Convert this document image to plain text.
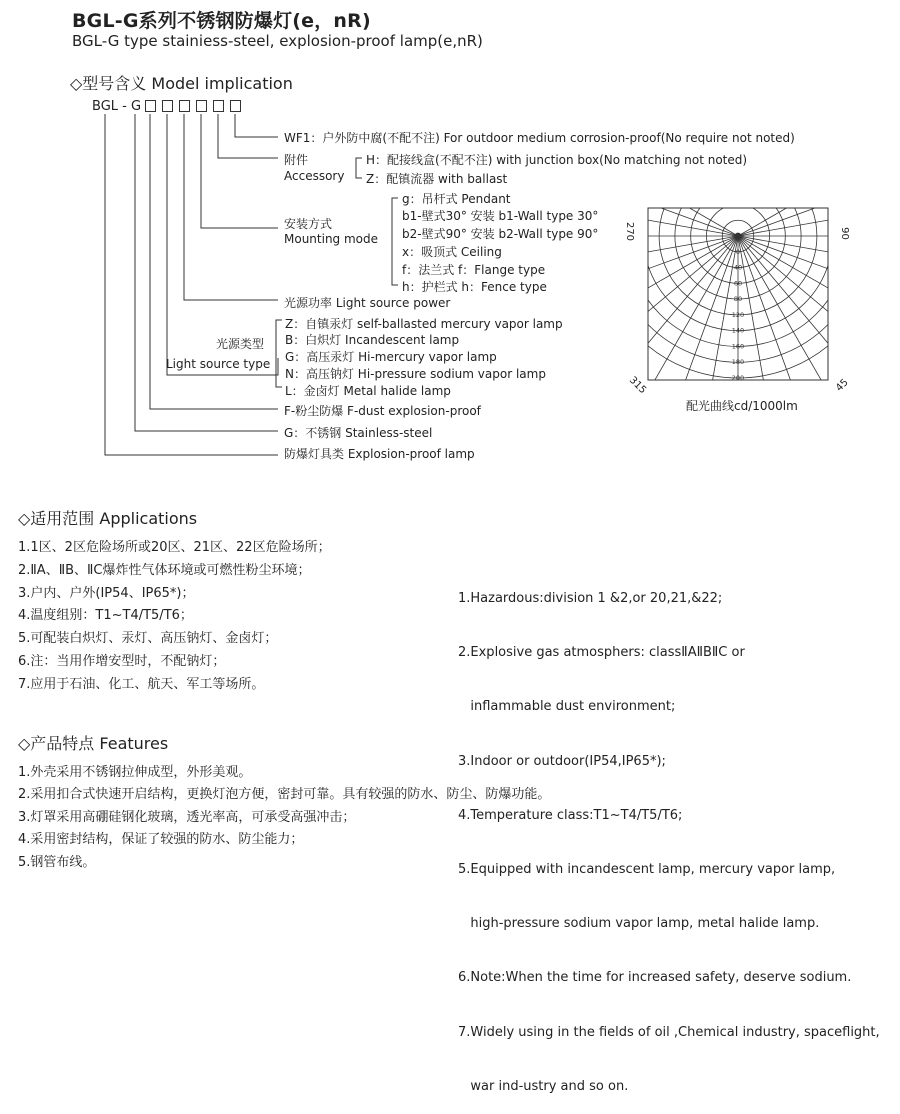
BGL-G系列不锈钢防爆灯(e，nR)
BGL-G type stainiess-steel, explosion-proof lamp(e,nR)
◇型号含义 Model implication
BGL - G
WF1：户外防中腐(不配不注) For outdoor medium corrosion-proof(No require not noted)
附件
Accessory
H：配接线盒(不配不注) with junction box(No matching not noted)
Z：配镇流器 with ballast
安装方式
Mounting mode
g：吊杆式 Pendant
b1-壁式30° 安装 b1-Wall type 30°
b2-壁式90° 安装 b2-Wall type 90°
x：吸顶式 Ceiling
f：法兰式 f：Flange type
h：护栏式 h：Fence type
光源功率 Light source power
光源类型
Light source type
Z：自镇汞灯 self-ballasted mercury vapor lamp
B：白炽灯 Incandescent lamp
G：高压汞灯 Hi-mercury vapor lamp
N：高压钠灯 Hi-pressure sodium vapor lamp
L：金卤灯 Metal halide lamp
F-粉尘防爆 F-dust explosion-proof
G：不锈钢 Stainless-steel
防爆灯具类 Explosion-proof lamp
0
40
60
80
120
140
160
180
200
270	90
315	45
配光曲线cd/1000lm
◇适用范围 Applications
1.1区、2区危险场所或20区、21区、22区危险场所；
2.ⅡA、ⅡB、ⅡC爆炸性气体环境或可燃性粉尘环境；
3.户内、户外(IP54、IP65*)；
4.温度组别：T1~T4/T5/T6；
5.可配装白炽灯、汞灯、高压钠灯、金卤灯；
6.注：当用作增安型时，不配钠灯；
7.应用于石油、化工、航天、军工等场所。

1.Hazardous:division 1 &2,or 20,21,&22;

2.Explosive gas atmosphers: classⅡAⅡBⅡC or

inflammable dust environment;

3.Indoor or outdoor(IP54,IP65*);

4.Temperature class:T1~T4/T5/T6;

5.Equipped with incandescent lamp, mercury vapor lamp,

high-pressure sodium vapor lamp, metal halide lamp.

6.Note:When the time for increased safety, deserve sodium.

7.Widely using in the fields of oil ,Chemical industry, spaceflight,

war ind-ustry and so on.

◇产品特点 Features
1.外壳采用不锈钢拉伸成型，外形美观。
2.采用扣合式快速开启结构，更换灯泡方便，密封可靠。具有较强的防水、防尘、防爆功能。
3.灯罩采用高硼硅钢化玻璃，透光率高，可承受高强冲击；
4.采用密封结构，保证了较强的防水、防尘能力；
5.钢管布线。
